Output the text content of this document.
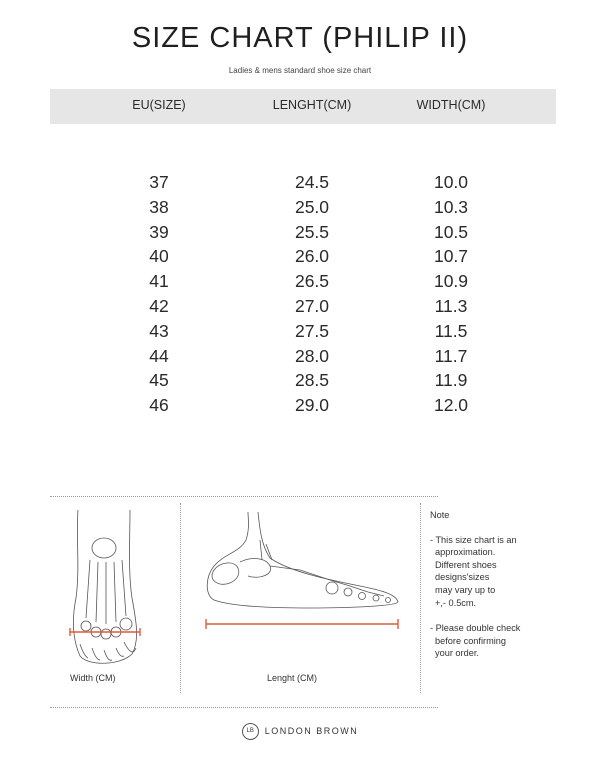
SIZE CHART (PHILIP II)
Ladies & mens standard shoe size chart
EU(SIZE)	LENGHT(CM)	WIDTH(CM)
37	24.5	10.0
38	25.0	10.3
39	25.5	10.5
40	26.0	10.7
41	26.5	10.9
42	27.0	11.3
43	27.5	11.5
44	28.0	11.7
45	28.5	11.9
46	29.0	12.0
Width (CM)	Lenght (CM)

Note

- This size chart is an
approximation.
Different shoes
designs'sizes
may vary up to
+,- 0.5cm.
- Please double check
before confirming
your order.
LB LONDON BROWN
